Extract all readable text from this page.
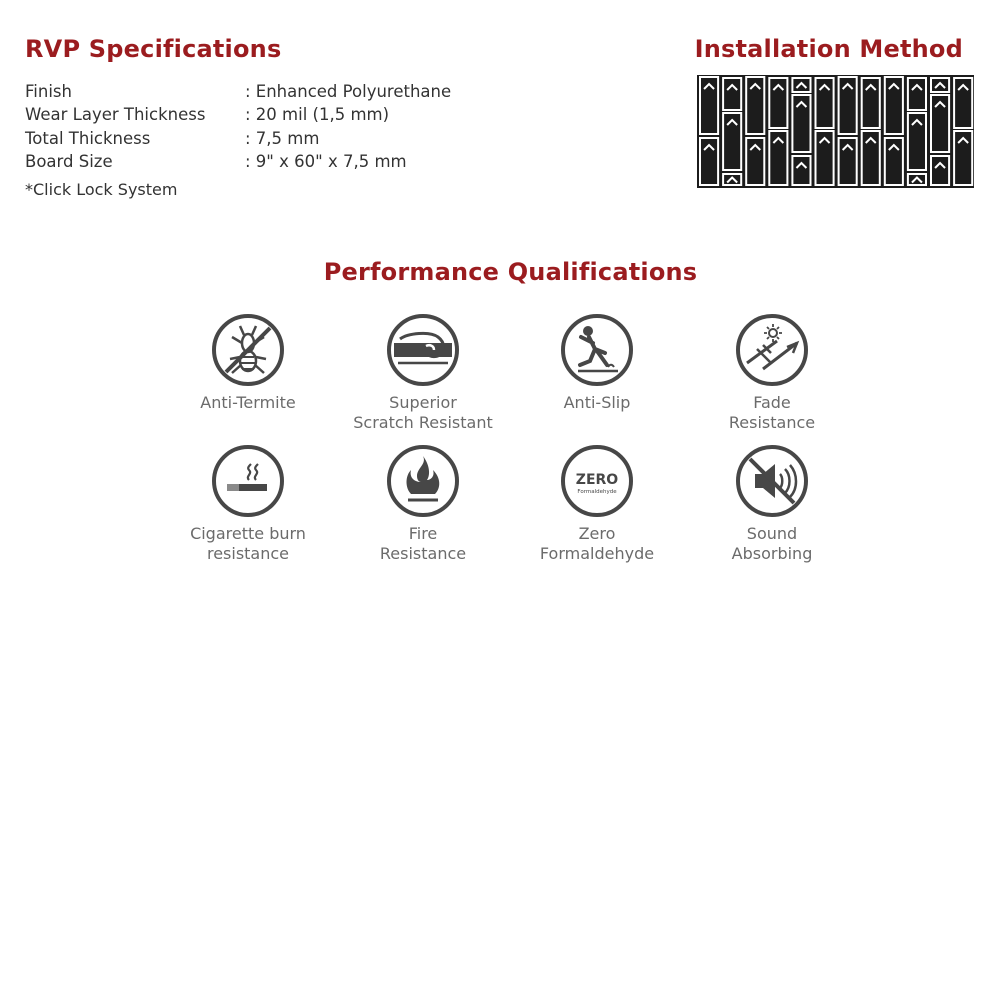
RVP Specifications
Finish	: Enhanced Polyurethane
Wear Layer Thickness	: 20 mil (1,5 mm)
Total Thickness	: 7,5 mm
Board Size	: 9" x 60" x 7,5 mm
*Click Lock System
Installation Method
Performance Qualifications
Anti-Termite	Superior
Scratch Resistant
Anti-Slip	Fade
Resistance
Cigarette burn
resistance
Fire
Resistance
ZERO
Formaldehyde
Zero
Formaldehyde
Sound
Absorbing
